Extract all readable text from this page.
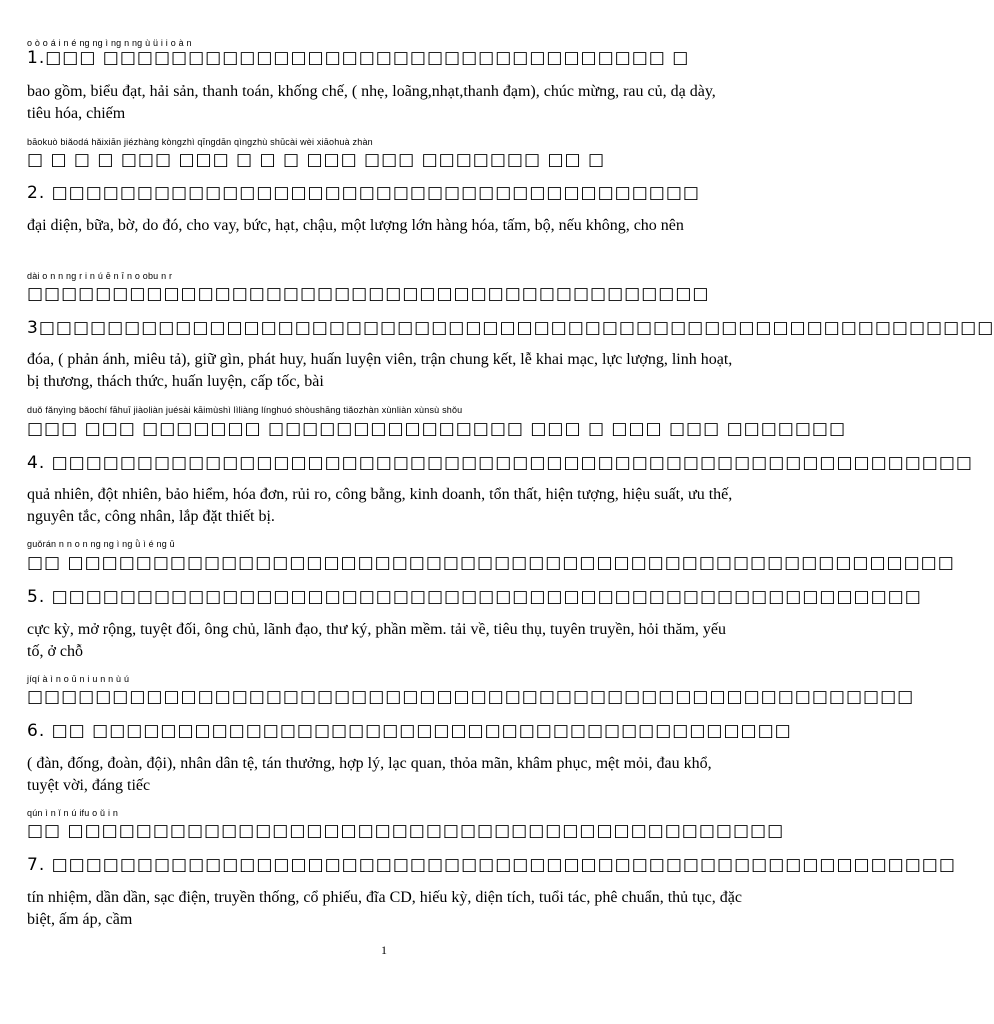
o ò o á i n é ng ng ì ng n ng ù ü i i o à n
1.□□□ □□□□□□□□□□□□□□□□□□□□□□□□□□□□□□□□□ □
bao gồm, biểu đạt, hải sản, thanh toán, khống chế, ( nhẹ, loãng,nhạt,thanh đạm), chúc mừng, rau củ, dạ dày, tiêu hóa, chiếm
bāokuò biǎodá hǎixiān jiézhàng kòngzhì qīngdān qìngzhù shūcài wèi xiāohuà zhàn
□ □ □ □ □□□ □□□ □ □ □ □□□ □□□ □□□□□□□ □□ □
2. □□□□□□□□□□□□□□□□□□□□□□□□□□□□□□□□□□□□□□
đại diện, bữa, bờ, do đó, cho vay, bức, hạt, chậu, một lượng lớn hàng hóa, tấm, bộ, nếu không, cho nên
dài o n n ng r i n ú ē n ī n o obu n r
□□□□□□□□□□□□□□□□□□□□□□□□□□□□□□□□□□□□□□□□
3□□□□□□□□□□□□□□□□□□□□□□□□□□□□□□□□□□□□□□□□□□□□□□□□□□□□□□□□
đóa, ( phản ánh, miêu tả), giữ gìn, phát huy, huấn luyện viên, trận chung kết, lễ khai mạc, lực lượng, linh hoạt, bị thương, thách thức, huấn luyện, cấp tốc, bài
duǒ fǎnyìng bǎochí fāhuī jiàoliàn juésài kāimùshì lìliàng línghuó shòushāng tiǎozhàn xùnliàn xùnsù shǒu
□□□ □□□ □□□□□□□ □□□□□□□□□□□□□□□ □□□ □ □□□ □□□ □□□□□□□
4. □□□□□□□□□□□□□□□□□□□□□□□□□□□□□□□□□□□□□□□□□□□□□□□□□□□□□□
quả nhiên, đột nhiên, bảo hiểm, hóa đơn, rủi ro, công bằng, kinh doanh, tổn thất, hiện tượng, hiệu suất, ưu thế, nguyên tắc, công nhân, lắp đặt thiết bị.
guǒrán n n o n ng ng ì ng ǜ ì é ng ū
□□ □□□□□□□□□□□□□□□□□□□□□□□□□□□□□□□□□□□□□□□□□□□□□□□□□□□□
5. □□□□□□□□□□□□□□□□□□□□□□□□□□□□□□□□□□□□□□□□□□□□□□□□□□□
cực kỳ, mở rộng, tuyệt đối, ông chủ, lãnh đạo, thư ký, phần mềm. tải về, tiêu thụ, tuyên truyền, hỏi thăm, yếu tố, ở chỗ
jíqí à ì n o ū n i u n n ù ú
□□□□□□□□□□□□□□□□□□□□□□□□□□□□□□□□□□□□□□□□□□□□□□□□□□□□
6. □□ □□□□□□□□□□□□□□□□□□□□□□□□□□□□□□□□□□□□□□□□□
( đàn, đống, đoàn, đội), nhân dân tệ, tán thưởng, hợp lý, lạc quan, thỏa mãn, khâm phục, mệt mỏi, đau khổ, tuyệt vời, đáng tiếc
qún ì n ǐ n ú ifu o ǔ i n
□□ □□□□□□□□□□□□□□□□□□□□□□□□□□□□□□□□□□□□□□□□□□
7. □□□□□□□□□□□□□□□□□□□□□□□□□□□□□□□□□□□□□□□□□□□□□□□□□□□□□
tín nhiệm, dần dần, sạc điện, truyền thống, cổ phiếu, đĩa CD, hiếu kỳ, diện tích, tuổi tác, phê chuẩn, thủ tục, đặc biệt, ấm áp, cầm
1
